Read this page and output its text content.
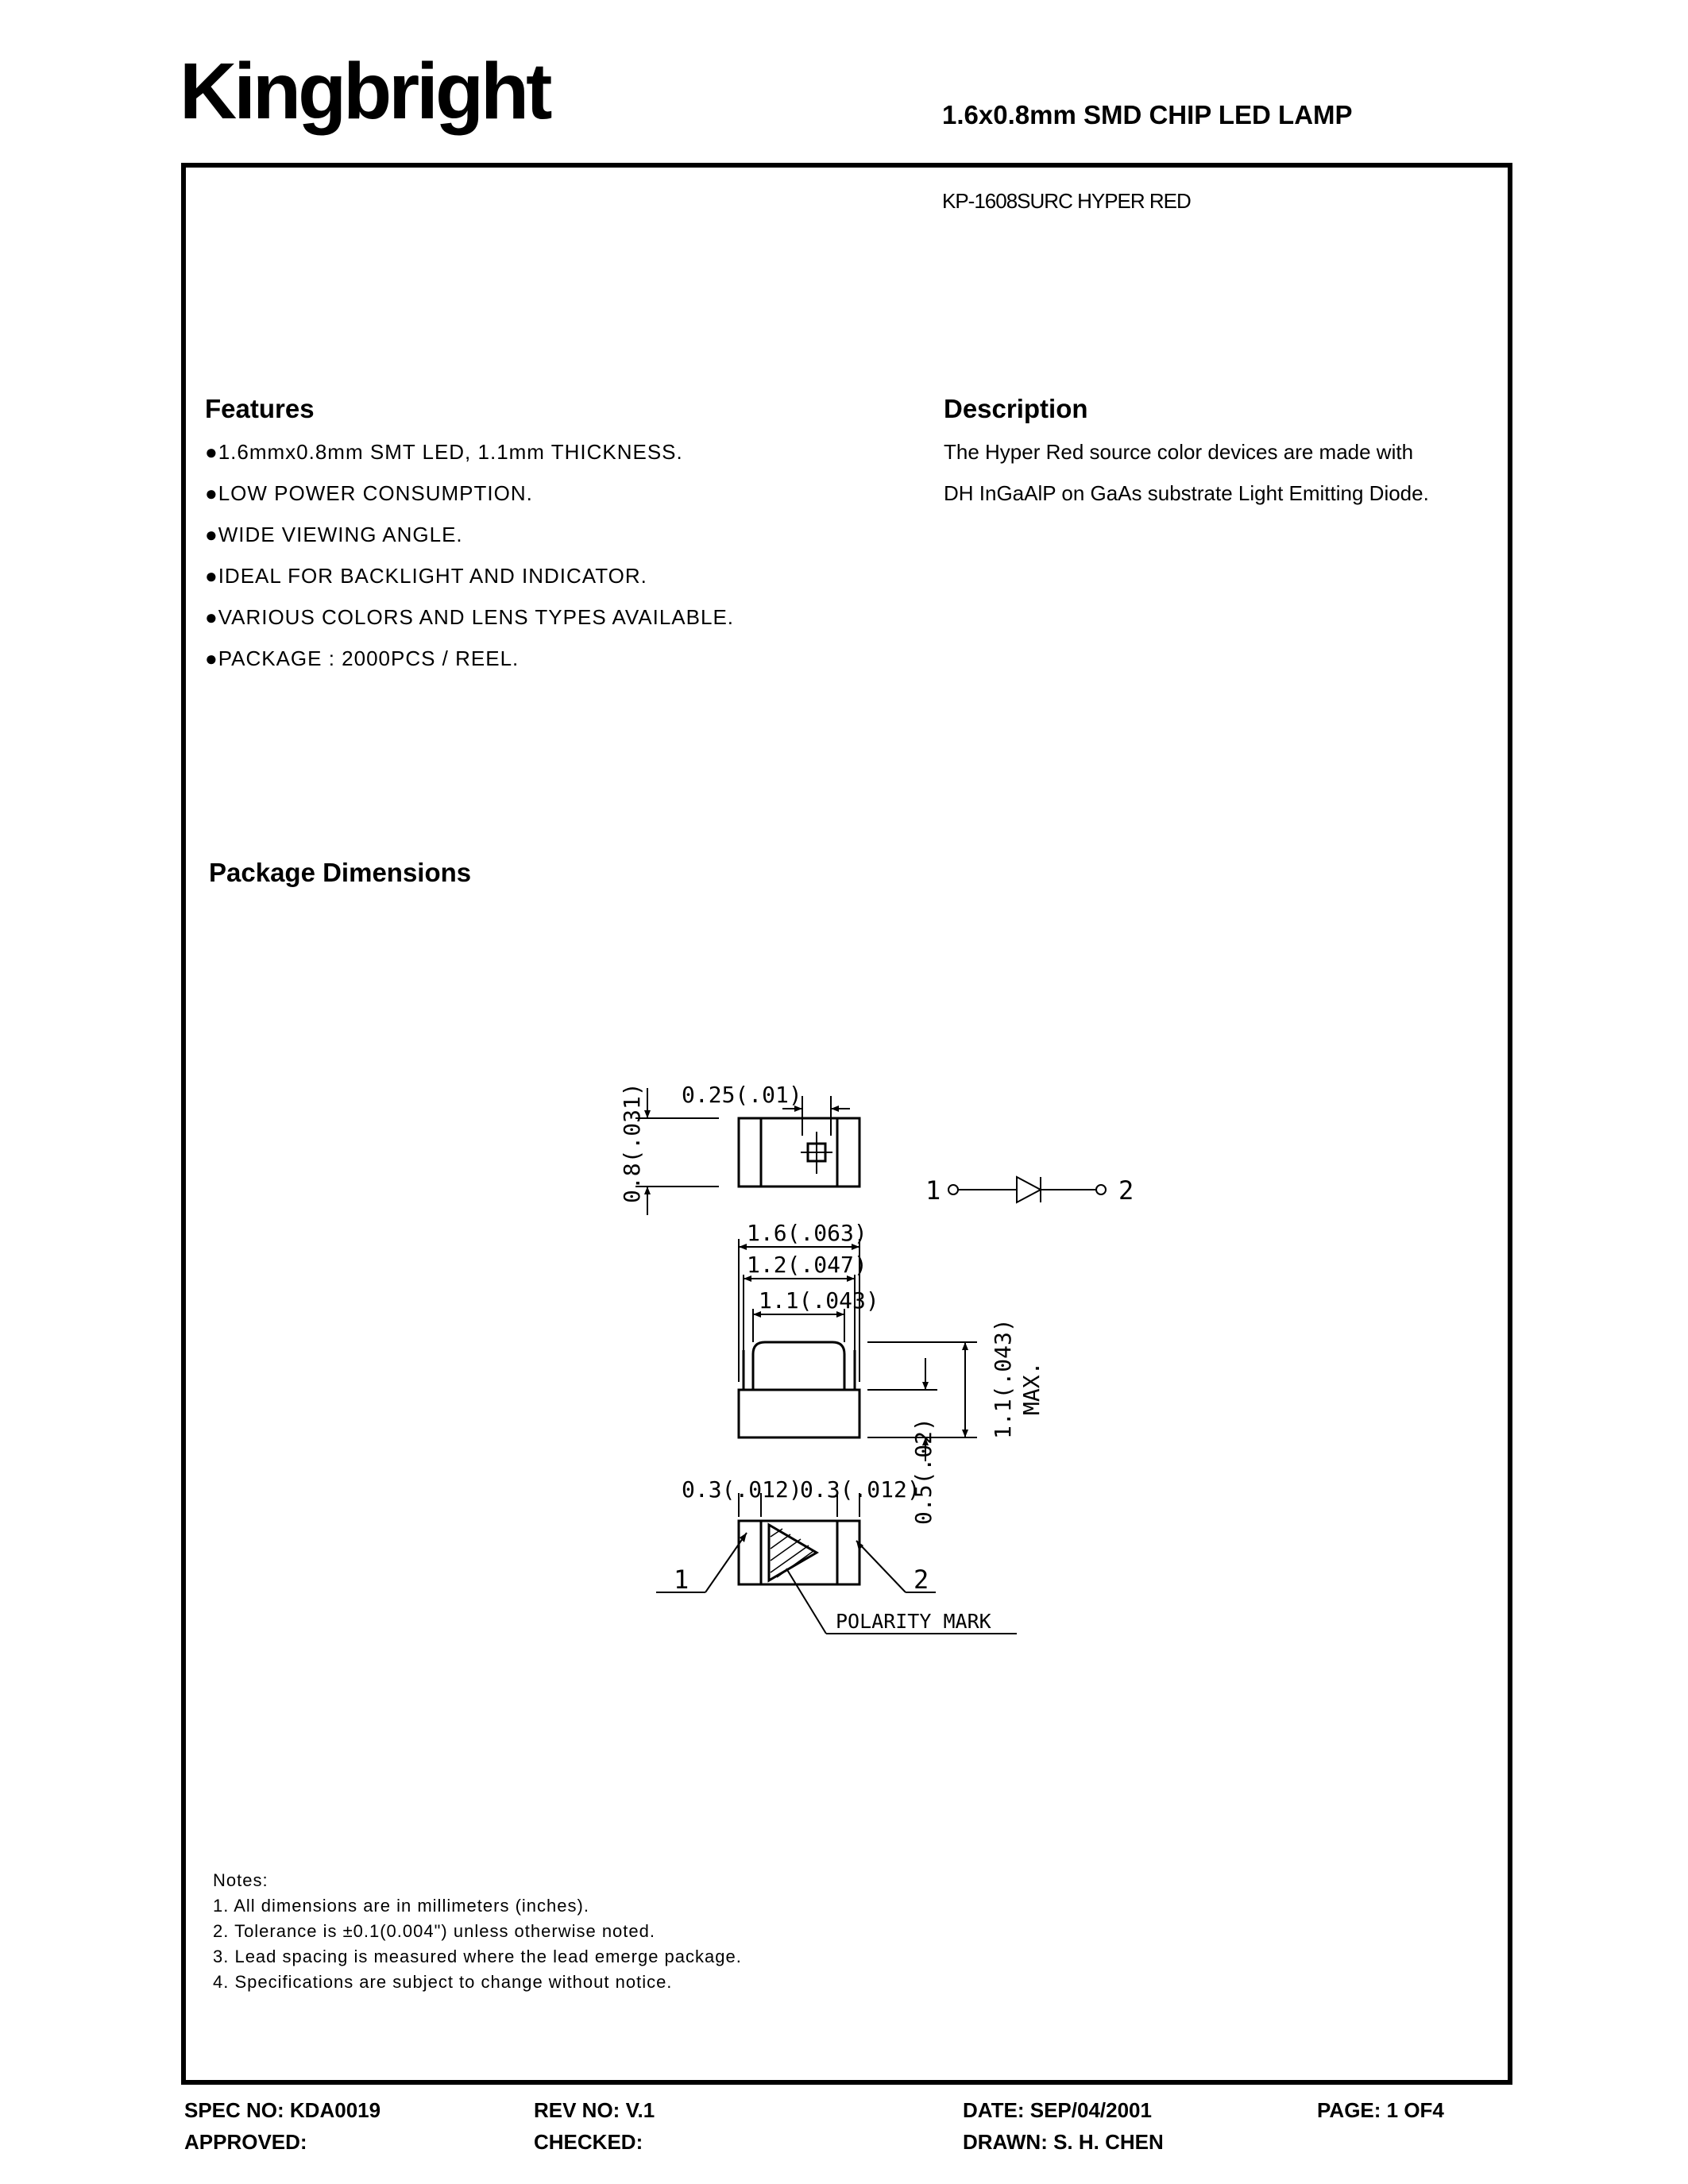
Kingbright	1.6x0.8mm SMD CHIP LED LAMP
KP-1608SURC HYPER RED
Features
●1.6mmx0.8mm SMT LED, 1.1mm THICKNESS.
●LOW POWER CONSUMPTION.
●WIDE VIEWING ANGLE.
●IDEAL FOR BACKLIGHT AND INDICATOR.
●VARIOUS COLORS AND LENS TYPES AVAILABLE.
●PACKAGE : 2000PCS / REEL.
Description
The Hyper Red source color devices are made with
DH InGaAlP on GaAs substrate Light Emitting Diode.
Package Dimensions
0.25(.01)
0.8(.031)
1.6(.063)
1.2(.047)
1.1(.043)
1.1(.043) MAX.
0.5(.02)
0.3(.012)
0.3(.012)
1	2
POLARITY MARK
1	2
Notes:
1. All dimensions are in millimeters (inches).
2. Tolerance is ±0.1(0.004") unless otherwise noted.
3. Lead spacing is measured where the lead emerge package.
4. Specifications are subject to change without notice.
SPEC NO: KDA0019	REV NO: V.1	DATE: SEP/04/2001	PAGE: 1 OF4
APPROVED:	CHECKED:	DRAWN: S. H. CHEN
